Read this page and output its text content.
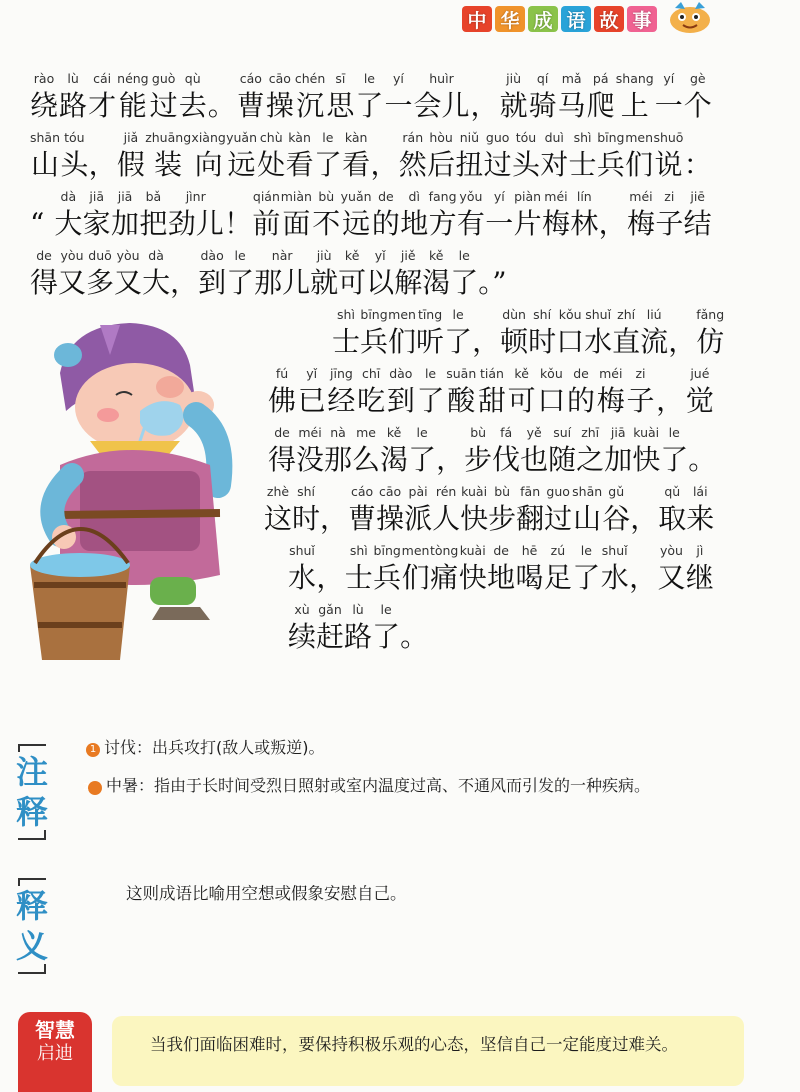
中 华 成 语 故 事
rào
绕
lù
路
cái
才
néng
能
guò
过
qù
去 。
cáo
曹
cāo
操
chén
沉
sī
思
le
了
yí
一
huìr
会儿 ，
jiù
就
qí
骑
mǎ
马
pá
爬
shang
上
yí
一
gè
个
shān
山
tóu
头 ，
jiǎ
假
zhuāng
装
xiàng
向
yuǎn
远
chù
处
kàn
看
le
了
kàn
看 ，
rán
然
hòu
后
niǔ
扭
guo
过
tóu
头
duì
对
shì
士
bīng
兵
men
们
shuō
说 ：
“
dà
大
jiā
家
jiā
加
bǎ
把
jìnr
劲儿 ！
qián
前
miàn
面
bù
不
yuǎn
远
de
的
dì
地
fang
方
yǒu
有
yí
一
piàn
片
méi
梅
lín
林 ，
méi
梅
zi
子
jiē
结
de
得
yòu
又
duō
多
yòu
又
dà
大 ，
dào
到
le
了
nàr
那儿
jiù
就
kě
可
yǐ
以
jiě
解
kě
渴
le
了 。”
shì
士
bīng
兵
men
们
tīng
听
le
了 ，
dùn
顿
shí
时
kǒu
口
shuǐ
水
zhí
直
liú
流 ，
fǎng
仿
fú
佛
yǐ
已
jīng
经
chī
吃
dào
到
le
了
suān
酸
tián
甜
kě
可
kǒu
口
de
的
méi
梅
zi
子 ，
jué
觉
de
得
méi
没
nà
那
me
么
kě
渴
le
了 ，
bù
步
fá
伐
yě
也
suí
随
zhī
之
jiā
加
kuài
快
le
了 。
zhè
这
shí
时 ，
cáo
曹
cāo
操
pài
派
rén
人
kuài
快
bù
步
fān
翻
guo
过
shān
山
gǔ
谷 ，
qǔ
取
lái
来
shuǐ
水 ，
shì
士
bīng
兵
men
们
tòng
痛
kuài
快
de
地
hē
喝
zú
足
le
了
shuǐ
水 ，
yòu
又
jì
继
xù
续
gǎn
赶
lù
路
le
了 。
注 释
1 讨伐：出兵攻打(敌人或叛逆)。
2 中暑：指由于长时间受烈日照射或室内温度过高、不通风而引发的一种疾病。
释 义
这则成语比喻用空想或假象安慰自己。
智慧
启迪	当我们面临困难时，要保持积极乐观的心态，坚信自己一定能度过难关。
